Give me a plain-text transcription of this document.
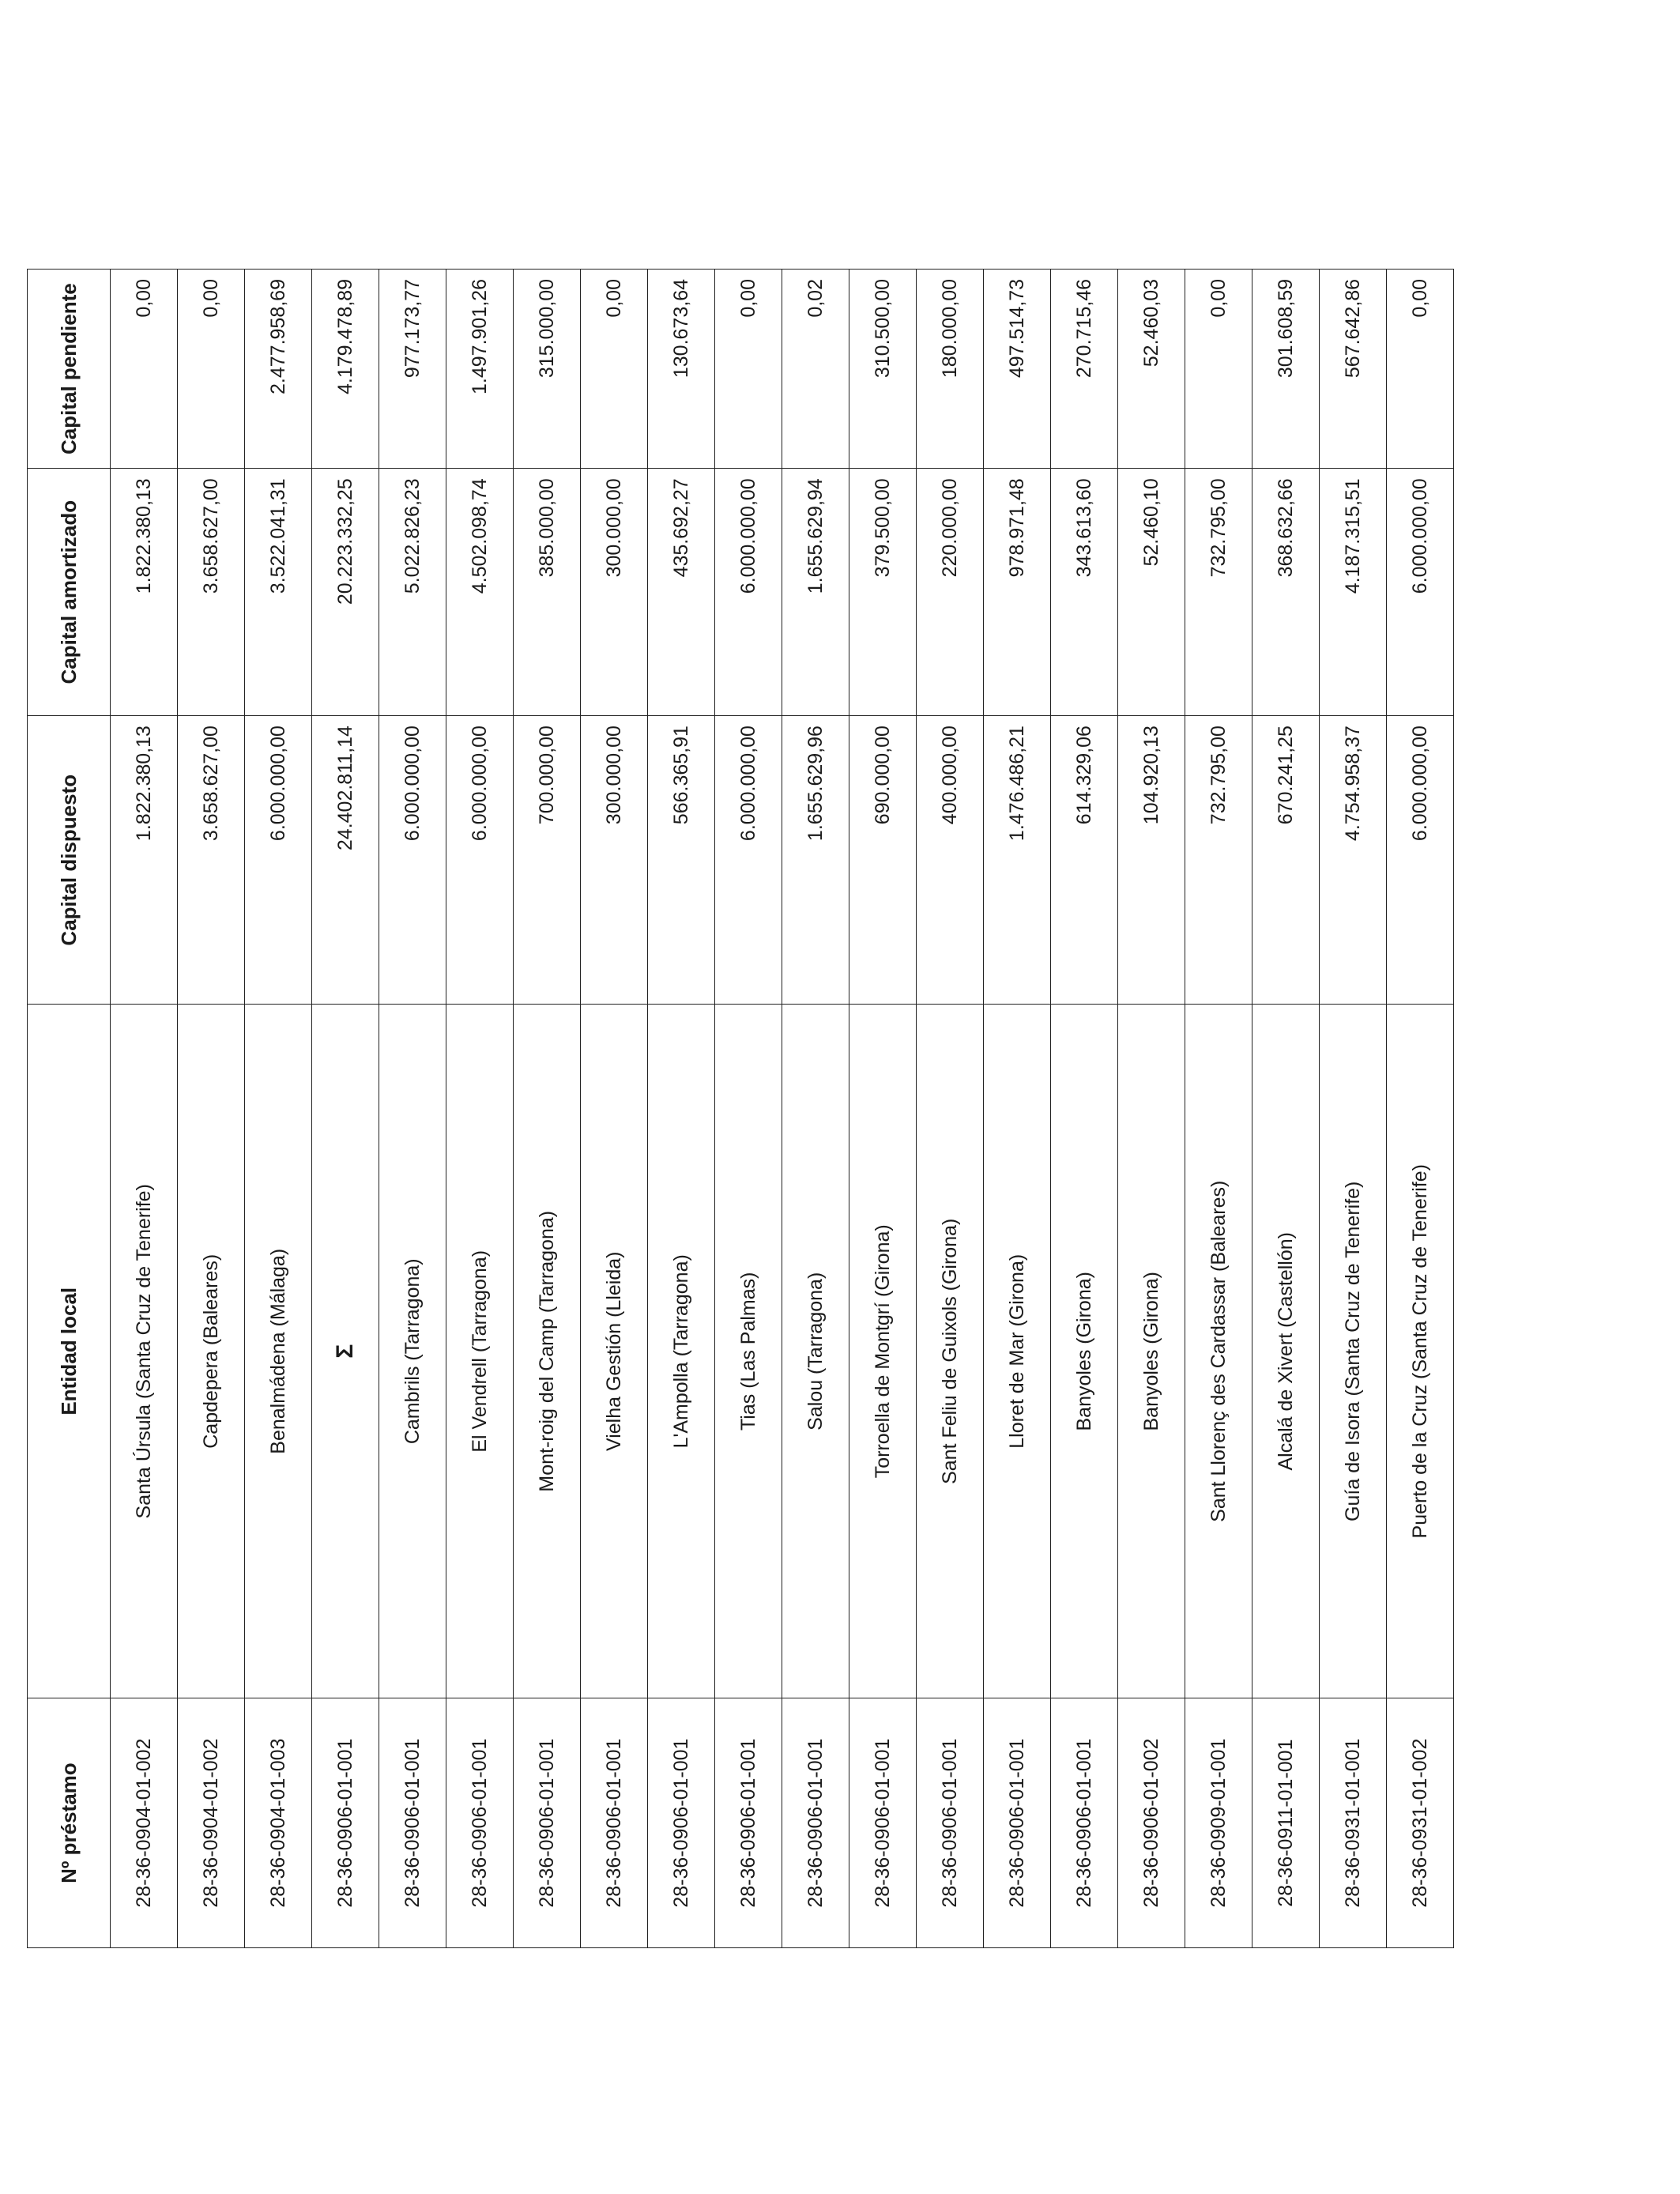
Nº préstamo	Entidad local	Capital dispuesto	Capital amortizado	Capital pendiente
28-36-0904-01-002	Santa Úrsula (Santa Cruz de Tenerife)	1.822.380,13	1.822.380,13	0,00
28-36-0904-01-002	Capdepera (Baleares)	3.658.627,00	3.658.627,00	0,00
28-36-0904-01-003	Benalmádena (Málaga)	6.000.000,00	3.522.041,31	2.477.958,69
28-36-0906-01-001	Σ	24.402.811,14	20.223.332,25	4.179.478,89
28-36-0906-01-001	Cambrils (Tarragona)	6.000.000,00	5.022.826,23	977.173,77
28-36-0906-01-001	El Vendrell (Tarragona)	6.000.000,00	4.502.098,74	1.497.901,26
28-36-0906-01-001	Mont-roig del Camp (Tarragona)	700.000,00	385.000,00	315.000,00
28-36-0906-01-001	Vielha Gestión (Lleida)	300.000,00	300.000,00	0,00
28-36-0906-01-001	L'Ampolla (Tarragona)	566.365,91	435.692,27	130.673,64
28-36-0906-01-001	Tias (Las Palmas)	6.000.000,00	6.000.000,00	0,00
28-36-0906-01-001	Salou (Tarragona)	1.655.629,96	1.655.629,94	0,02
28-36-0906-01-001	Torroella de Montgrí (Girona)	690.000,00	379.500,00	310.500,00
28-36-0906-01-001	Sant Feliu de Guixols (Girona)	400.000,00	220.000,00	180.000,00
28-36-0906-01-001	Lloret de Mar (Girona)	1.476.486,21	978.971,48	497.514,73
28-36-0906-01-001	Banyoles (Girona)	614.329,06	343.613,60	270.715,46
28-36-0906-01-002	Banyoles (Girona)	104.920,13	52.460,10	52.460,03
28-36-0909-01-001	Sant Llorenç des Cardassar (Baleares)	732.795,00	732.795,00	0,00
28-36-0911-01-001	Alcalá de Xivert (Castellón)	670.241,25	368.632,66	301.608,59
28-36-0931-01-001	Guía de Isora (Santa Cruz de Tenerife)	4.754.958,37	4.187.315,51	567.642,86
28-36-0931-01-002	Puerto de la Cruz (Santa Cruz de Tenerife)	6.000.000,00	6.000.000,00	0,00
